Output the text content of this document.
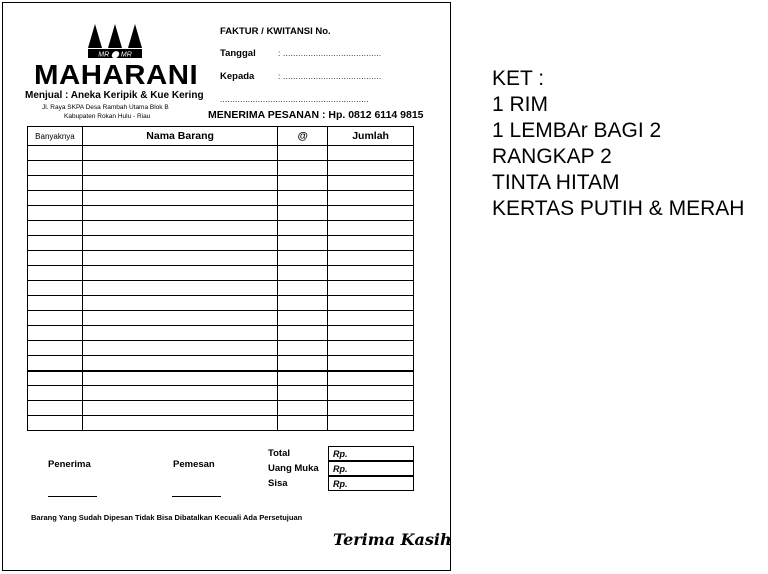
MR ⬤ MR
MAHARANI
Menjual : Aneka Keripik & Kue Kering
Jl. Raya SKPA Desa Rambah Utama Blok B
Kabupaten Rokan Hulu - Riau
FAKTUR / KWITANSI No.
Tanggal	: .......................................
Kepada	: .......................................
...........................................................
MENERIMA PESANAN : Hp. 0812 6114 9815
Banyaknya	Nama Barang	@	Jumlah

Total	Rp.
Uang Muka	Rp.
Sisa	Rp.
Penerima	Pemesan
Barang Yang Sudah Dipesan Tidak Bisa Dibatalkan Kecuali Ada Persetujuan
Terima Kasih
KET :
1 RIM
1 LEMBAr BAGI 2
RANGKAP 2
TINTA HITAM
KERTAS PUTIH & MERAH
